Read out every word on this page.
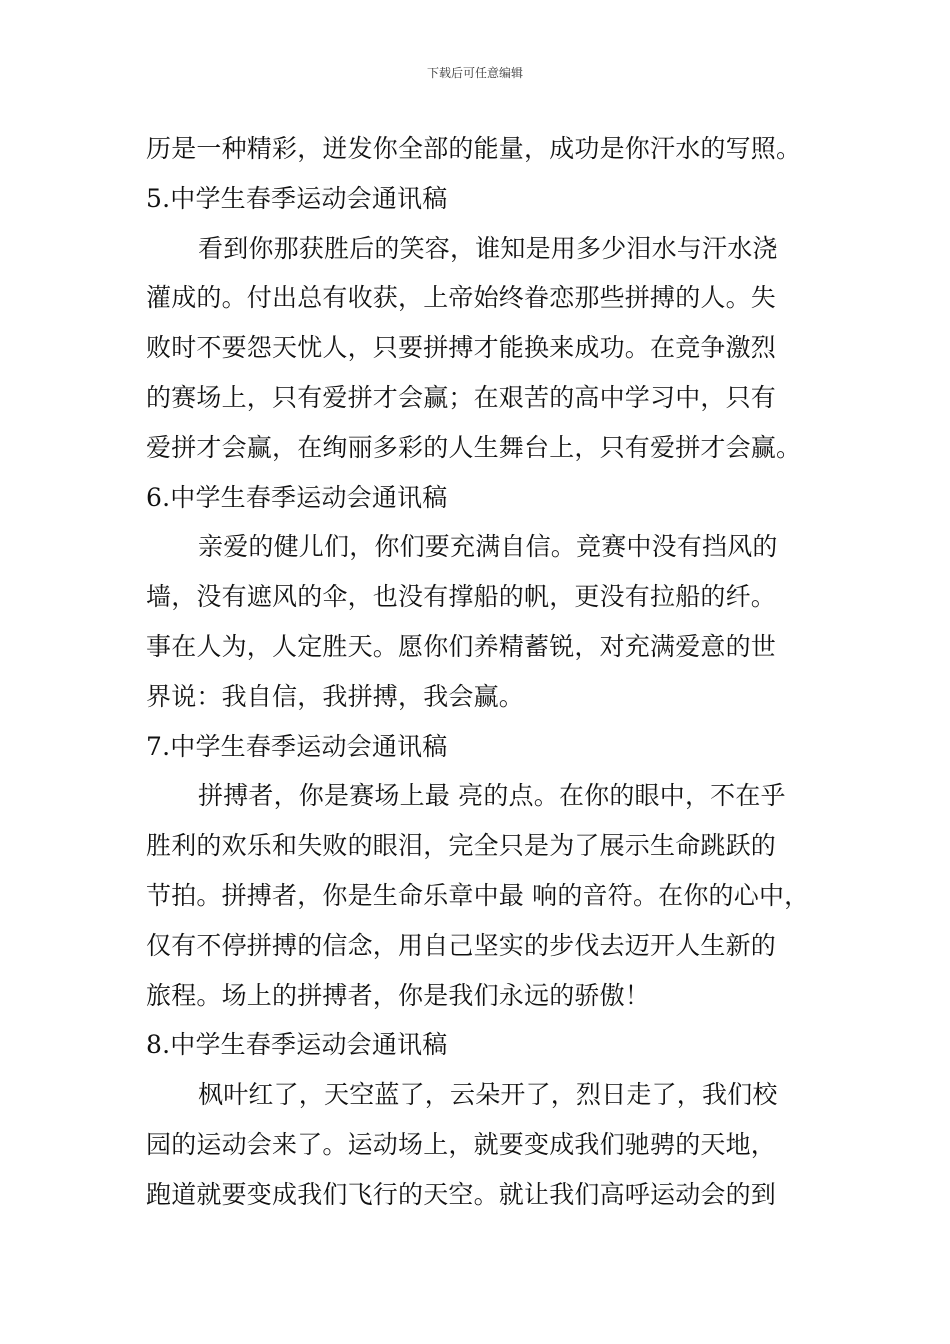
下载后可任意编辑
历是一种精彩，迸发你全部的能量，成功是你汗水的写照。
5.中学生春季运动会通讯稿
看到你那获胜后的笑容，谁知是用多少泪水与汗水浇
灌成的。付出总有收获，上帝始终眷恋那些拼搏的人。失
败时不要怨天忧人，只要拼搏才能换来成功。在竞争激烈
的赛场上，只有爱拼才会赢；在艰苦的高中学习中，只有
爱拼才会赢，在绚丽多彩的人生舞台上，只有爱拼才会赢。
6.中学生春季运动会通讯稿
亲爱的健儿们，你们要充满自信。竞赛中没有挡风的
墙，没有遮风的伞，也没有撑船的帆，更没有拉船的纤。
事在人为，人定胜天。愿你们养精蓄锐，对充满爱意的世
界说：我自信，我拼搏，我会赢。
7.中学生春季运动会通讯稿
拼搏者，你是赛场上最 亮的点。在你的眼中，不在乎
胜利的欢乐和失败的眼泪，完全只是为了展示生命跳跃的
节拍。拼搏者，你是生命乐章中最 响的音符。在你的心中，
仅有不停拼搏的信念，用自己坚实的步伐去迈开人生新的
旅程。场上的拼搏者，你是我们永远的骄傲！
8.中学生春季运动会通讯稿
枫叶红了，天空蓝了，云朵开了，烈日走了，我们校
园的运动会来了。运动场上，就要变成我们驰骋的天地，
跑道就要变成我们飞行的天空。就让我们高呼运动会的到
